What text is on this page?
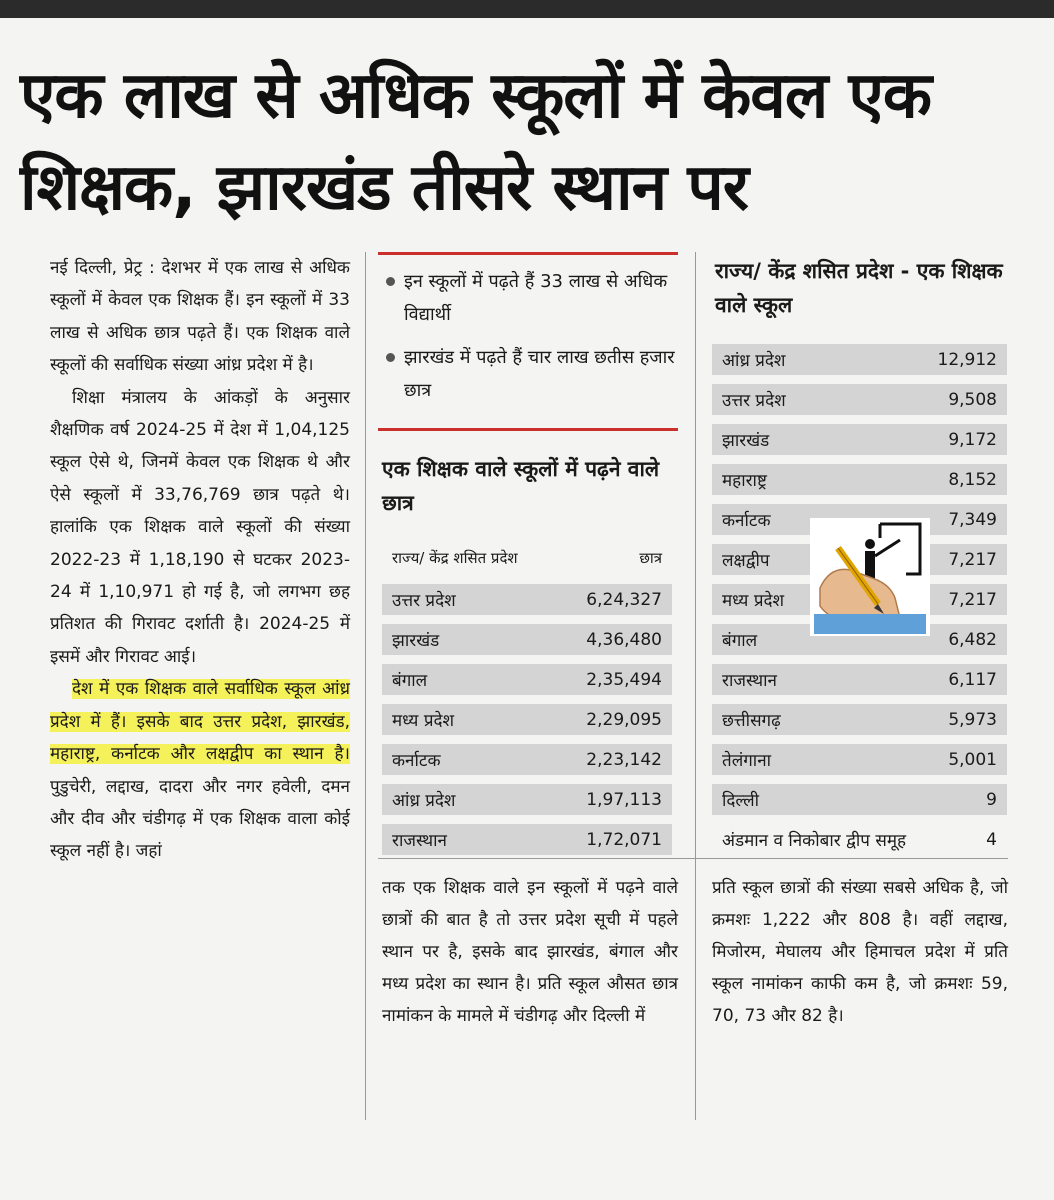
एक लाख से अधिक स्कूलों में केवल एक शिक्षक, झारखंड तीसरे स्थान पर

नई दिल्ली, प्रेट्र : देशभर में एक लाख से अधिक स्कूलों में केवल एक शिक्षक हैं। इन स्कूलों में 33 लाख से अधिक छात्र पढ़ते हैं। एक शिक्षक वाले स्कूलों की सर्वाधिक संख्या आंध्र प्रदेश में है।

शिक्षा मंत्रालय के आंकड़ों के अनुसार शैक्षणिक वर्ष 2024-25 में देश में 1,04,125 स्कूल ऐसे थे, जिनमें केवल एक शिक्षक थे और ऐसे स्कूलों में 33,76,769 छात्र पढ़ते थे। हालांकि एक शिक्षक वाले स्कूलों की संख्या 2022-23 में 1,18,190 से घटकर 2023-24 में 1,10,971 हो गई है, जो लगभग छह प्रतिशत की गिरावट दर्शाती है। 2024-25 में इसमें और गिरावट आई।

देश में एक शिक्षक वाले सर्वाधिक स्कूल आंध्र प्रदेश में हैं। इसके बाद उत्तर प्रदेश, झारखंड, महाराष्ट्र, कर्नाटक और लक्षद्वीप का स्थान है। पुडुचेरी, लद्दाख, दादरा और नगर हवेली, दमन और दीव और चंडीगढ़ में एक शिक्षक वाला कोई स्कूल नहीं है। जहां

इन स्कूलों में पढ़ते हैं 33 लाख से अधिक विद्यार्थी
झारखंड में पढ़ते हैं चार लाख छतीस हजार छात्र
एक शिक्षक वाले स्कूलों में पढ़ने वाले छात्र
राज्य/ केंद्र शसित प्रदेश	छात्र
उत्तर प्रदेश	6,24,327
झारखंड	4,36,480
बंगाल	2,35,494
मध्य प्रदेश	2,29,095
कर्नाटक	2,23,142
आंध्र प्रदेश	1,97,113
राजस्थान	1,72,071
राज्य/ केंद्र शसित प्रदेश - एक शिक्षक वाले स्कूल
आंध्र प्रदेश	12,912
उत्तर प्रदेश	9,508
झारखंड	9,172
महाराष्ट्र	8,152
कर्नाटक	7,349
लक्षद्वीप	7,217
मध्य प्रदेश	7,217
बंगाल	6,482
राजस्थान	6,117
छत्तीसगढ़	5,973
तेलंगाना	5,001
दिल्ली	9
अंडमान व निकोबार द्वीप समूह	4

तक एक शिक्षक वाले इन स्कूलों में पढ़ने वाले छात्रों की बात है तो उत्तर प्रदेश सूची में पहले स्थान पर है, इसके बाद झारखंड, बंगाल और मध्य प्रदेश का स्थान है। प्रति स्कूल औसत छात्र नामांकन के मामले में चंडीगढ़ और दिल्ली में

प्रति स्कूल छात्रों की संख्या सबसे अधिक है, जो क्रमशः 1,222 और 808 है। वहीं लद्दाख, मिजोरम, मेघालय और हिमाचल प्रदेश में प्रति स्कूल नामांकन काफी कम है, जो क्रमशः 59, 70, 73 और 82 है।
